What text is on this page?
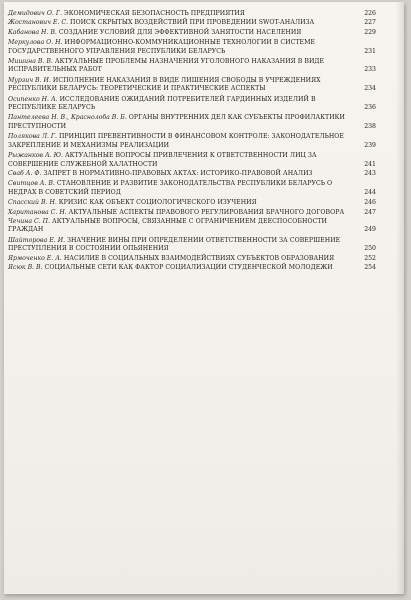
Демидович О. Г. ЭКОНОМИЧЕСКАЯ БЕЗОПАСНОСТЬ ПРЕДПРИЯТИЯ	226
Жостанович Е. С. ПОИСК СКРЫТЫХ ВОЗДЕЙСТВИЙ ПРИ ПРОВЕДЕНИИ SWOT-АНАЛИЗА	227
Кабанова Н. В. СОЗДАНИЕ УСЛОВИЙ ДЛЯ ЭФФЕКТИВНОЙ ЗАНЯТОСТИ НАСЕЛЕНИЯ	229
Меркулова О. Н. ИНФОРМАЦИОННО-КОММУНИКАЦИОННЫЕ ТЕХНОЛОГИИ В СИСТЕМЕ ГОСУДАРСТВЕННОГО УПРАВЛЕНИЯ РЕСПУБЛИКИ БЕЛАРУСЬ	231
Мишина В. В. АКТУАЛЬНЫЕ ПРОБЛЕМЫ НАЗНАЧЕНИЯ УГОЛОВНОГО НАКАЗАНИЯ В ВИДЕ ИСПРАВИТЕЛЬНЫХ РАБОТ	233
Мурзич В. И. ИСПОЛНЕНИЕ НАКАЗАНИЯ В ВИДЕ ЛИШЕНИЯ СВОБОДЫ В УЧРЕЖДЕНИЯХ РЕСПУБЛИКИ БЕЛАРУСЬ: ТЕОРЕТИЧЕСКИЕ И ПРАКТИЧЕСКИЕ АСПЕКТЫ	234
Осипенко Н. А. ИССЛЕДОВАНИЕ ОЖИДАНИЙ ПОТРЕБИТЕЛЕЙ ГАРДИННЫХ ИЗДЕЛИЙ В РЕСПУБЛИКЕ БЕЛАРУСЬ	236
Пантелеева Н. В., Краснолоба В. Б. ОРГАНЫ ВНУТРЕННИХ ДЕЛ КАК СУБЪЕКТЫ ПРОФИЛАКТИКИ ПРЕСТУПНОСТИ	238
Полякова Л. Г. ПРИНЦИП ПРЕВЕНТИВНОСТИ В ФИНАНСОВОМ КОНТРОЛЕ: ЗАКОНОДАТЕЛЬНОЕ ЗАКРЕПЛЕНИЕ И МЕХАНИЗМЫ РЕАЛИЗАЦИИ	239
Рыжанков А. Ю. АКТУАЛЬНЫЕ ВОПРОСЫ ПРИВЛЕЧЕНИЯ К ОТВЕТСТВЕННОСТИ ЛИЦ ЗА СОВЕРШЕНИЕ СЛУЖЕБНОЙ ХАЛАТНОСТИ	241
Сваб А. Ф. ЗАПРЕТ В НОРМАТИВНО-ПРАВОВЫХ АКТАХ: ИСТОРИКО-ПРАВОВОЙ АНАЛИЗ	243
Свитцов А. В. СТАНОВЛЕНИЕ И РАЗВИТИЕ ЗАКОНОДАТЕЛЬСТВА РЕСПУБЛИКИ БЕЛАРУСЬ О НЕДРАХ В СОВЕТСКИЙ ПЕРИОД	244
Спасский В. Н. КРИЗИС КАК ОБЪЕКТ СОЦИОЛОГИЧЕСКОГО ИЗУЧЕНИЯ	246
Хаританова С. Н. АКТУАЛЬНЫЕ АСПЕКТЫ ПРАВОВОГО РЕГУЛИРОВАНИЯ БРАЧНОГО ДОГОВОРА	247
Чечина С. П. АКТУАЛЬНЫЕ ВОПРОСЫ, СВЯЗАННЫЕ С ОГРАНИЧЕНИЕМ ДЕЕСПОСОБНОСТИ ГРАЖДАН	249
Шайторова Е. И. ЗНАЧЕНИЕ ВИНЫ ПРИ ОПРЕДЕЛЕНИИ ОТВЕТСТВЕННОСТИ ЗА СОВЕРШЕНИЕ ПРЕСТУПЛЕНИЯ В СОСТОЯНИИ ОПЬЯНЕНИЯ	250
Ярмоченко Е. А. НАСИЛИЕ В СОЦИАЛЬНЫХ ВЗАИМОДЕЙСТВИЯХ СУБЪЕКТОВ ОБРАЗОВАНИЯ	252
Ясюк В. В. СОЦИАЛЬНЫЕ СЕТИ КАК ФАКТОР СОЦИАЛИЗАЦИИ СТУДЕНЧЕСКОЙ МОЛОДЕЖИ	254
